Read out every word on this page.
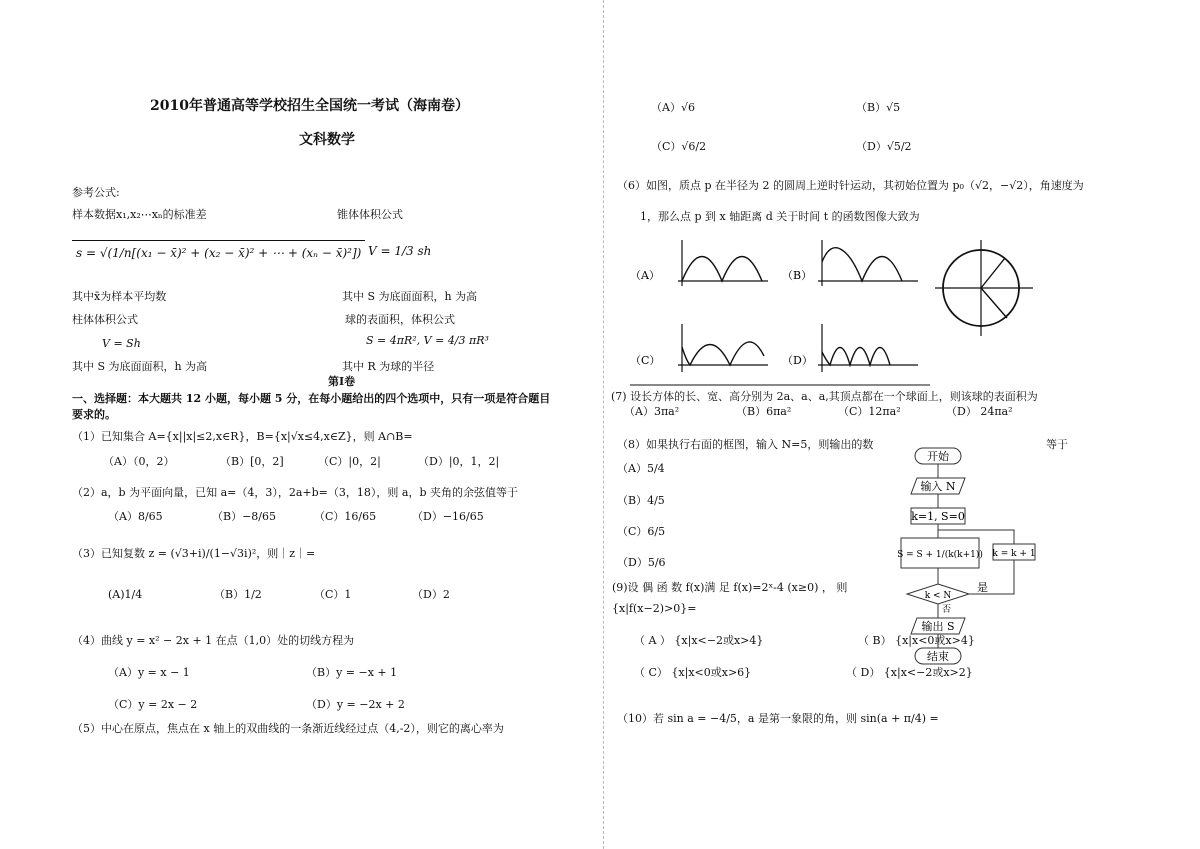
2010年普通高等学校招生全国统一考试（海南卷）
文科数学
参考公式:
样本数据x₁,x₂⋯xₙ的标准差	锥体体积公式
s = √(1/n[(x₁ − x̄)² + (x₂ − x̄)² + ⋯ + (xₙ − x̄)²]) V = 1/3 sh
其中x̄为样本平均数	其中 S 为底面面积，h 为高
柱体体积公式	球的表面积，体积公式
V = Sh	S = 4πR², V = 4/3 πR³
其中 S 为底面面积，h 为高	其中 R 为球的半径
第Ⅰ卷
一、选择题：本大题共 12 小题，每小题 5 分，在每小题给出的四个选项中，只有一项是符合题目要求的。
（1）已知集合 A={x||x|≤2,x∈R}，B={x|√x≤4,x∈Z}，则 A∩B=
（A）（0，2）	（B）[0，2]	（C）|0，2|	（D）|0，1，2|
（2）a，b 为平面向量，已知 a=（4，3），2a+b=（3，18），则 a，b 夹角的余弦值等于
（A）8/65	（B）−8/65	（C）16/65	（D）−16/65
（3）已知复数 z = (√3+i)/(1−√3i)²，则｜z｜=
(A)1/4	（B）1/2	（C）1	（D）2
（4）曲线 y = x² − 2x + 1 在点（1,0）处的切线方程为
（A）y = x − 1	（B）y = −x + 1
（C）y = 2x − 2	（D）y = −2x + 2
（5）中心在原点，焦点在 x 轴上的双曲线的一条渐近线经过点（4,-2），则它的离心率为
（A）√6	（B）√5
（C）√6/2	（D）√5/2
（6）如图，质点 p 在半径为 2 的圆周上逆时针运动，其初始位置为 p₀（√2，−√2），角速度为
1，那么点 p 到 x 轴距离 d 关于时间 t 的函数图像大致为
（A）	（B）
（C）	（D）
(7) 设长方体的长、宽、高分别为 2a、a、a,其顶点都在一个球面上，则该球的表面积为
（A）3πa²	（B）6πa²	（C）12πa²	（D） 24πa²
（8）如果执行右面的框图，输入 N=5，则输出的数	等于
（A）5/4
（B）4/5
（C）6/5
（D）5/6
开始
输入 N
k=1, S=0
S = S + 1/(k(k+1)) k = k + 1
k < N
是
否
输出 S
结束
(9)设 偶 函 数 f(x)满 足 f(x)=2ˣ-4 (x≥0) ， 则
{x|f(x−2)>0}=
（ A ） {x|x<−2或x>4}	（ B） {x|x<0或x>4}
（ C） {x|x<0或x>6}	（ D） {x|x<−2或x>2}
（10）若 sin a = −4/5，a 是第一象限的角，则 sin(a + π/4) =
